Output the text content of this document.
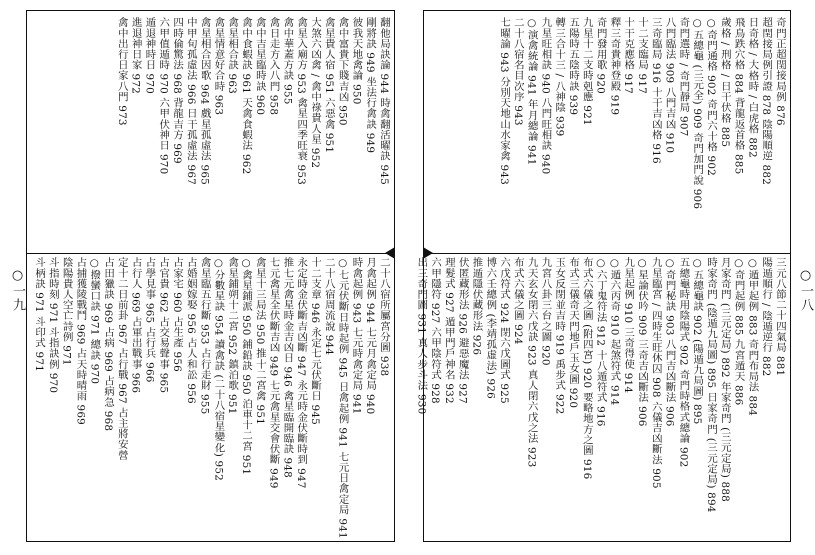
○一九	○一八
翻他局訣論 944 時禽翻活曜訣 945
剛將訣 949 坐法行禽訣 949
彼我天地禽論 950
禽中富貴下賤吉凶 950
禽星貴人宿 951 六惡禽 951
大煞六凶禽 / 禽中祿貴人星 952
禽星入廟方 953 禽星四季旺衰 953
禽中華蓋方訣 955
禽日走方入八門 958
禽中吉星臨時訣 960
禽中食蝦訣 961 天禽食蝦法 962
禽星相合訣 963
禽星情意好合時 963
禽星相合因歌 964 戲星孤虛法 965
中甲旬孤虛法 966 日干孤虛法 967
四時倫驚法 968 背龍吉方 969
六甲值遁時 970 六甲伏神日 970
遁退神時日 970
進退神日家 972
禽中出行日家八門 973
二十八宿所屬宮分圖 938
月禽起例 944 七元月禽定局 940
時禽起例 943 七元時禽定局 941
○七元伏斷日時起例 945 日禽起例 941 七元日禽定局 941
二十八宿周流說 944
十二支章 946 永定七元伏斷日 945
永定時金伏斷吉凶斷 947 永元時金伏斷時到 947
推七元禽星時金吉凶日 946 禽星臨開臨訣 948
七元禽星全伏斷吉凶 949 七元禽星交會伏斷 949
禽星十三局法 950 推十二宮禽 951
○禽星鋪派 950 鋪鉛訣 950 泊車十二宮 951
禽星鋪朔十二宮 952 鎮泊歌 951
○分數星訣 954 讀禽訣 (二十八宿星變化) 952
禽星臨五行斷 953 占行走財 955
占婚姻嫁娶 956 占人和訟 956
占家宅 960 占生產 956
占官貴 962 占交易聲事 965
占學見事 965 占行兵 966
占行人 969 占軍出戰事 966
定十二日前卦 967 占行戰 967 占主將安營
占田獵訣 969 占病 969 占病急 968
○撥蠻口訣 971 總訣 970
占捕獲陵戰鬥 969 占天時晴雨 969
陰陽貴人空亡詩例 971
斗指時刻 971 斗指訣例 970
斗柄訣 971 斗印式 971
奇門正超閏接局例 876
超閏接局例引證 878 陰陽順逆 882
日奇格 / 大格時 / 白虎格 882
飛鳥跌穴格 884 背龍返首格 885
歲格 / 刑格 / 日干伏格 885
○奇門通格 902 奇門六十格 902
○五總龜 (三元全) 909 奇門加門說 906
奇門選時 / 奇門靜局 907
八門臨法 909 八門吉凶 910
三奇臨局 916 十干吉凶格 916
十二支臨局 917
十干克應格 917
釋三奇貴神登殿 919
奇門發用歌 920
九星十二支時剋應 921
五陽時五陰時訣 939
轉三合十三 / 八神陰 939
九星旺相訣 940 八門旺相訣 940
○演禽統論 941 年月總論 941
二十八宿名目次序 943
七曜論 943 分別天地山水家禽 943
三元八節二十四氣局 881
陽遁順行 / 陰遁逆行 882
○遁甲起例 883 奇門布局法 884
○奇門起例 885 九宮遁天 886
月家奇門 (三元定局) 892 年家奇門 (三元定局) 888
時家奇門 (陰遁九局圖) 895 日家奇門 (三元定局) 894
○五總龜訣 902 (陽遁九局圖) 895
五總龜時用陰陽式 902 奇門時格式總論 902
○奇門秘訣 903 八門吉凶斷法 906
九星臨宮 / 四時生旺休囚 908 六儀吉凶斷法 905
○星論伏吟 909 三奇吉凶斷法 906
九星起例 910 三奇得使 914
○遁六丙奇 910 起煞符式 914
○六丁鬼符法 912 十八遁符式 916
布式六儀之圖 (附四宮) 920 要略地方之圖 916
布式三儀奇天門地戶玉女圖 920
玉女反閉並吉時 919 禹步式 922
九宮八卦三台之圖 920
九天玄女閉六戊訣 923 真人閉六戊之法 923
布式六儀之圖 924
六戊符式 924 閉六戊圖式 925
博六壬總例 (李靖孤虛法) 926
推遁隱伏藏形法 926
伏匿藏形法 926 避惡魔法 927
理髮式 927 遁甲門戶神名 932
六甲隱符 927 六甲陰符式 928
出三奇門圖 931 真人步斗法 930
